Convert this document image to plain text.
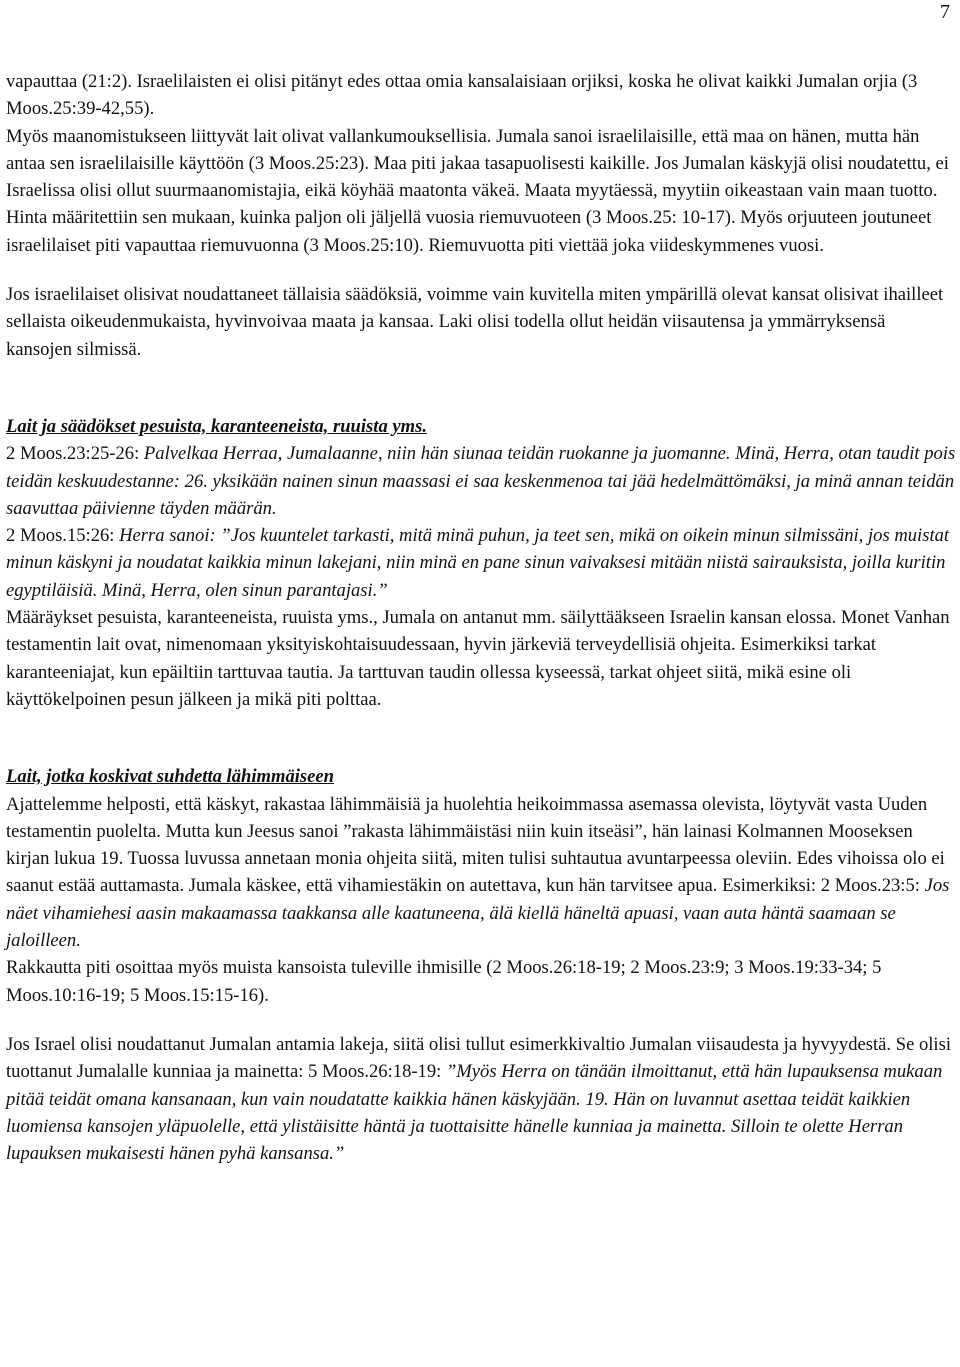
7

vapauttaa (21:2). Israelilaisten ei olisi pitänyt edes ottaa omia kansalaisiaan orjiksi, koska he olivat kaikki Jumalan orjia (3 Moos.25:39-42,55).
Myös maanomistukseen liittyvät lait olivat vallankumouksellisia. Jumala sanoi israelilaisille, että maa on hänen, mutta hän antaa sen israelilaisille käyttöön (3 Moos.25:23). Maa piti jakaa tasapuolisesti kaikille. Jos Jumalan käskyjä olisi noudatettu, ei Israelissa olisi ollut suurmaanomistajia, eikä köyhää maatonta väkeä. Maata myytäessä, myytiin oikeastaan vain maan tuotto. Hinta määritettiin sen mukaan, kuinka paljon oli jäljellä vuosia riemuvuoteen (3 Moos.25: 10-17). Myös orjuuteen joutuneet israelilaiset piti vapauttaa riemuvuonna (3 Moos.25:10). Riemuvuotta piti viettää joka viideskymmenes vuosi.

Jos israelilaiset olisivat noudattaneet tällaisia säädöksiä, voimme vain kuvitella miten ympärillä olevat kansat olisivat ihailleet sellaista oikeudenmukaista, hyvinvoivaa maata ja kansaa. Laki olisi todella ollut heidän viisautensa ja ymmärryksensä kansojen silmissä.

Lait ja säädökset pesuista, karanteeneista, ruuista yms.
2 Moos.23:25-26: Palvelkaa Herraa, Jumalaanne, niin hän siunaa teidän ruokanne ja juomanne. Minä, Herra, otan taudit pois teidän keskuudestanne: 26. yksikään nainen sinun maassasi ei saa keskenmenoa tai jää hedelmättömäksi, ja minä annan teidän saavuttaa päivienne täyden määrän.
2 Moos.15:26: Herra sanoi: ”Jos kuuntelet tarkasti, mitä minä puhun, ja teet sen, mikä on oikein minun silmissäni, jos muistat minun käskyni ja noudatat kaikkia minun lakejani, niin minä en pane sinun vaivaksesi mitään niistä sairauksista, joilla kuritin egyptiläisiä. Minä, Herra, olen sinun parantajasi.”
Määräykset pesuista, karanteeneista, ruuista yms., Jumala on antanut mm. säilyttääkseen Israelin kansan elossa. Monet Vanhan testamentin lait ovat, nimenomaan yksityiskohtaisuudessaan, hyvin järkeviä terveydellisiä ohjeita. Esimerkiksi tarkat karanteeniajat, kun epäiltiin tarttuvaa tautia. Ja tarttuvan taudin ollessa kyseessä, tarkat ohjeet siitä, mikä esine oli käyttökelpoinen pesun jälkeen ja mikä piti polttaa.

Lait, jotka koskivat suhdetta lähimmäiseen
Ajattelemme helposti, että käskyt, rakastaa lähimmäisiä ja huolehtia heikoimmassa asemassa olevista, löytyvät vasta Uuden testamentin puolelta. Mutta kun Jeesus sanoi ”rakasta lähimmäistäsi niin kuin itseäsi”, hän lainasi Kolmannen Mooseksen kirjan lukua 19. Tuossa luvussa annetaan monia ohjeita siitä, miten tulisi suhtautua avuntarpeessa oleviin. Edes vihoissa olo ei saanut estää auttamasta. Jumala käskee, että vihamiestäkin on autettava, kun hän tarvitsee apua. Esimerkiksi: 2 Moos.23:5: Jos näet vihamiehesi aasin makaamassa taakkansa alle kaatuneena, älä kiellä häneltä apuasi, vaan auta häntä saamaan se jaloilleen.
Rakkautta piti osoittaa myös muista kansoista tuleville ihmisille (2 Moos.26:18-19; 2 Moos.23:9; 3 Moos.19:33-34; 5 Moos.10:16-19; 5 Moos.15:15-16).

Jos Israel olisi noudattanut Jumalan antamia lakeja, siitä olisi tullut esimerkkivaltio Jumalan viisaudesta ja hyvyydestä. Se olisi tuottanut Jumalalle kunniaa ja mainetta: 5 Moos.26:18-19: ”Myös Herra on tänään ilmoittanut, että hän lupauksensa mukaan pitää teidät omana kansanaan, kun vain noudatatte kaikkia hänen käskyjään. 19. Hän on luvannut asettaa teidät kaikkien luomiensa kansojen yläpuolelle, että ylistäisitte häntä ja tuottaisitte hänelle kunniaa ja mainetta. Silloin te olette Herran lupauksen mukaisesti hänen pyhä kansansa.”
